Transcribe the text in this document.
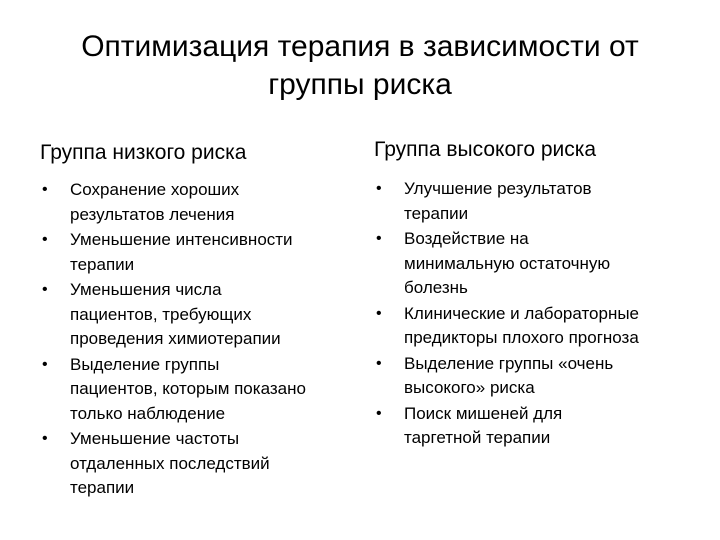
Оптимизация терапия в зависимости от
группы риска
Группа низкого риска
•	Сохранение хороших
результатов лечения
•	Уменьшение интенсивности
терапии
•	Уменьшения числа
пациентов, требующих
проведения химиотерапии
•	Выделение группы
пациентов, которым показано
только наблюдение
•	Уменьшение частоты
отдаленных последствий
терапии
Группа высокого риска
•	Улучшение результатов
терапии
•	Воздействие на
минимальную остаточную
болезнь
•	Клинические и лабораторные
предикторы плохого прогноза
•	Выделение группы «очень
высокого» риска
•	Поиск мишеней для
таргетной терапии
